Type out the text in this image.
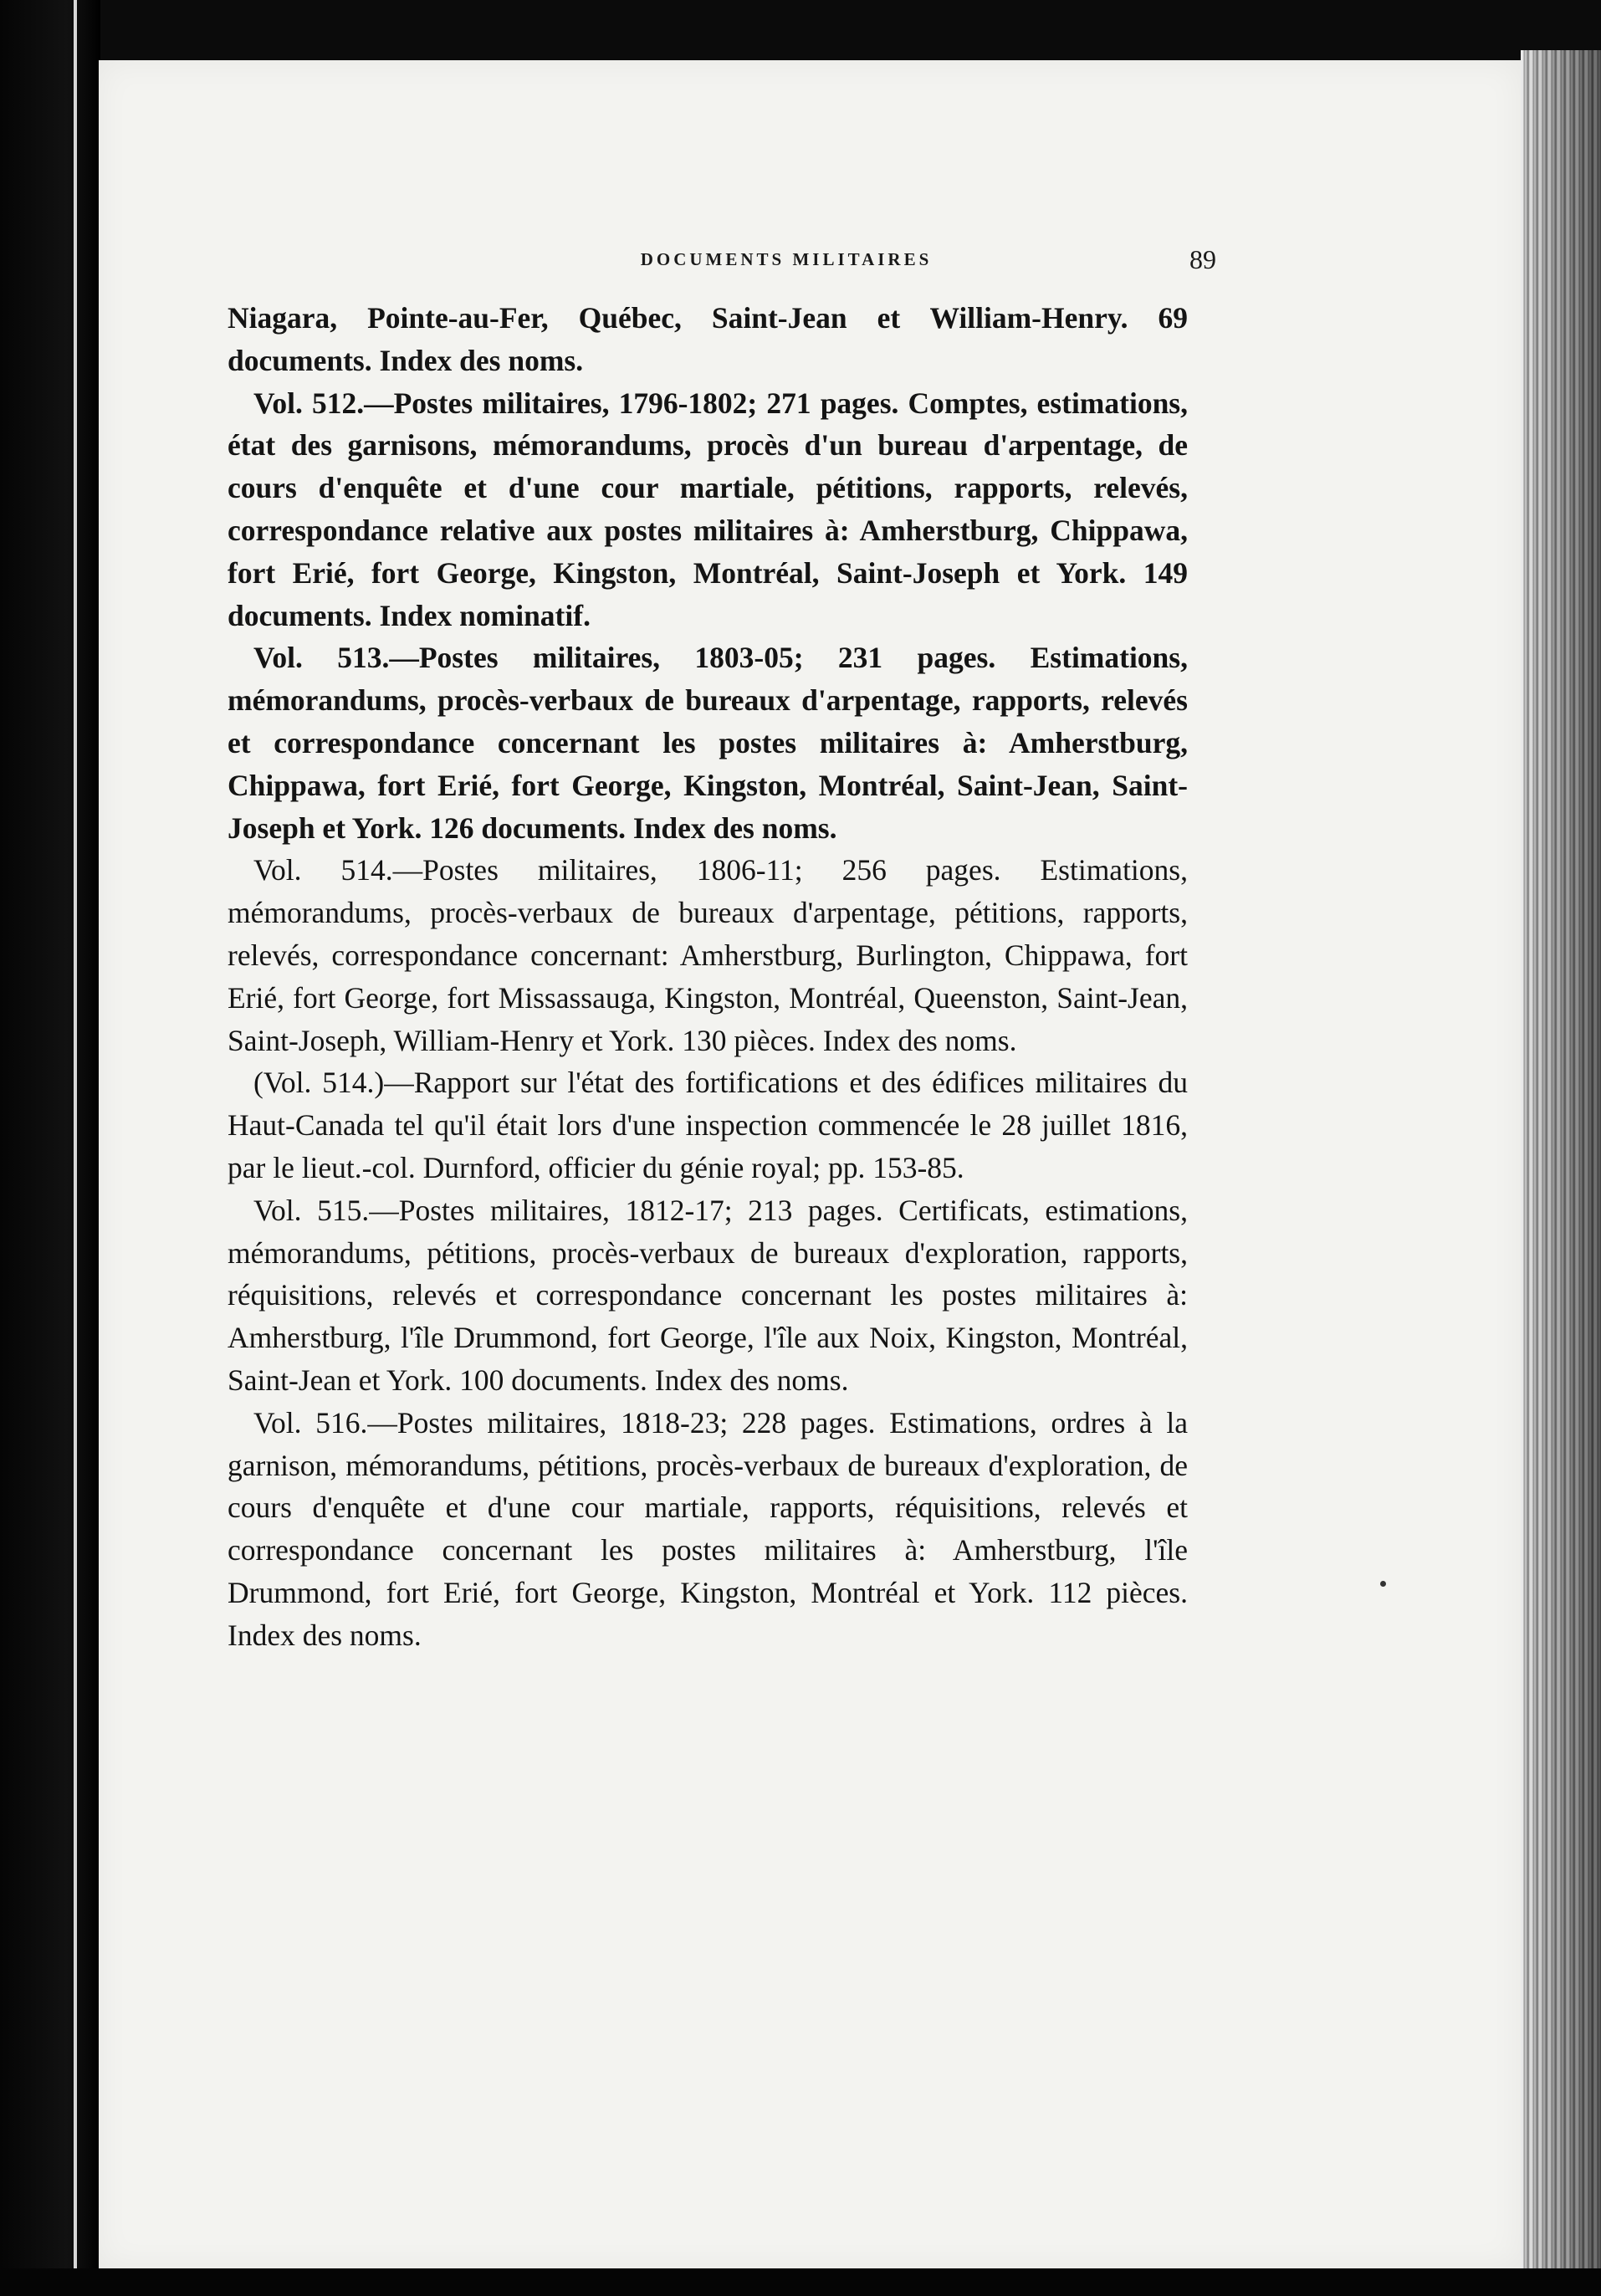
DOCUMENTS MILITAIRES	89

Niagara, Pointe-au-Fer, Québec, Saint-Jean et William-Henry. 69 documents. Index des noms.

Vol. 512.—Postes militaires, 1796-1802; 271 pages. Comptes, estimations, état des garnisons, mémorandums, procès d'un bureau d'arpentage, de cours d'enquête et d'une cour martiale, pétitions, rapports, relevés, correspondance relative aux postes militaires à: Amherstburg, Chippawa, fort Erié, fort George, Kingston, Montréal, Saint-Joseph et York. 149 documents. Index nominatif.

Vol. 513.—Postes militaires, 1803-05; 231 pages. Estimations, mémorandums, procès-verbaux de bureaux d'arpentage, rapports, relevés et correspondance concernant les postes militaires à: Amherstburg, Chippawa, fort Erié, fort George, Kingston, Montréal, Saint-Jean, Saint-Joseph et York. 126 documents. Index des noms.

Vol. 514.—Postes militaires, 1806-11; 256 pages. Estimations, mémorandums, procès-verbaux de bureaux d'arpentage, pétitions, rapports, relevés, correspondance concernant: Amherstburg, Burlington, Chippawa, fort Erié, fort George, fort Missassauga, Kingston, Montréal, Queenston, Saint-Jean, Saint-Joseph, William-Henry et York. 130 pièces. Index des noms.

(Vol. 514.)—Rapport sur l'état des fortifications et des édifices militaires du Haut-Canada tel qu'il était lors d'une inspection commencée le 28 juillet 1816, par le lieut.-col. Durnford, officier du génie royal; pp. 153-85.

Vol. 515.—Postes militaires, 1812-17; 213 pages. Certificats, estimations, mémorandums, pétitions, procès-verbaux de bureaux d'exploration, rapports, réquisitions, relevés et correspondance concernant les postes militaires à: Amherstburg, l'île Drummond, fort George, l'île aux Noix, Kingston, Montréal, Saint-Jean et York. 100 documents. Index des noms.

Vol. 516.—Postes militaires, 1818-23; 228 pages. Estimations, ordres à la garnison, mémorandums, pétitions, procès-verbaux de bureaux d'exploration, de cours d'enquête et d'une cour martiale, rapports, réquisitions, relevés et correspondance concernant les postes militaires à: Amherstburg, l'île Drummond, fort Erié, fort George, Kingston, Montréal et York. 112 pièces. Index des noms.
